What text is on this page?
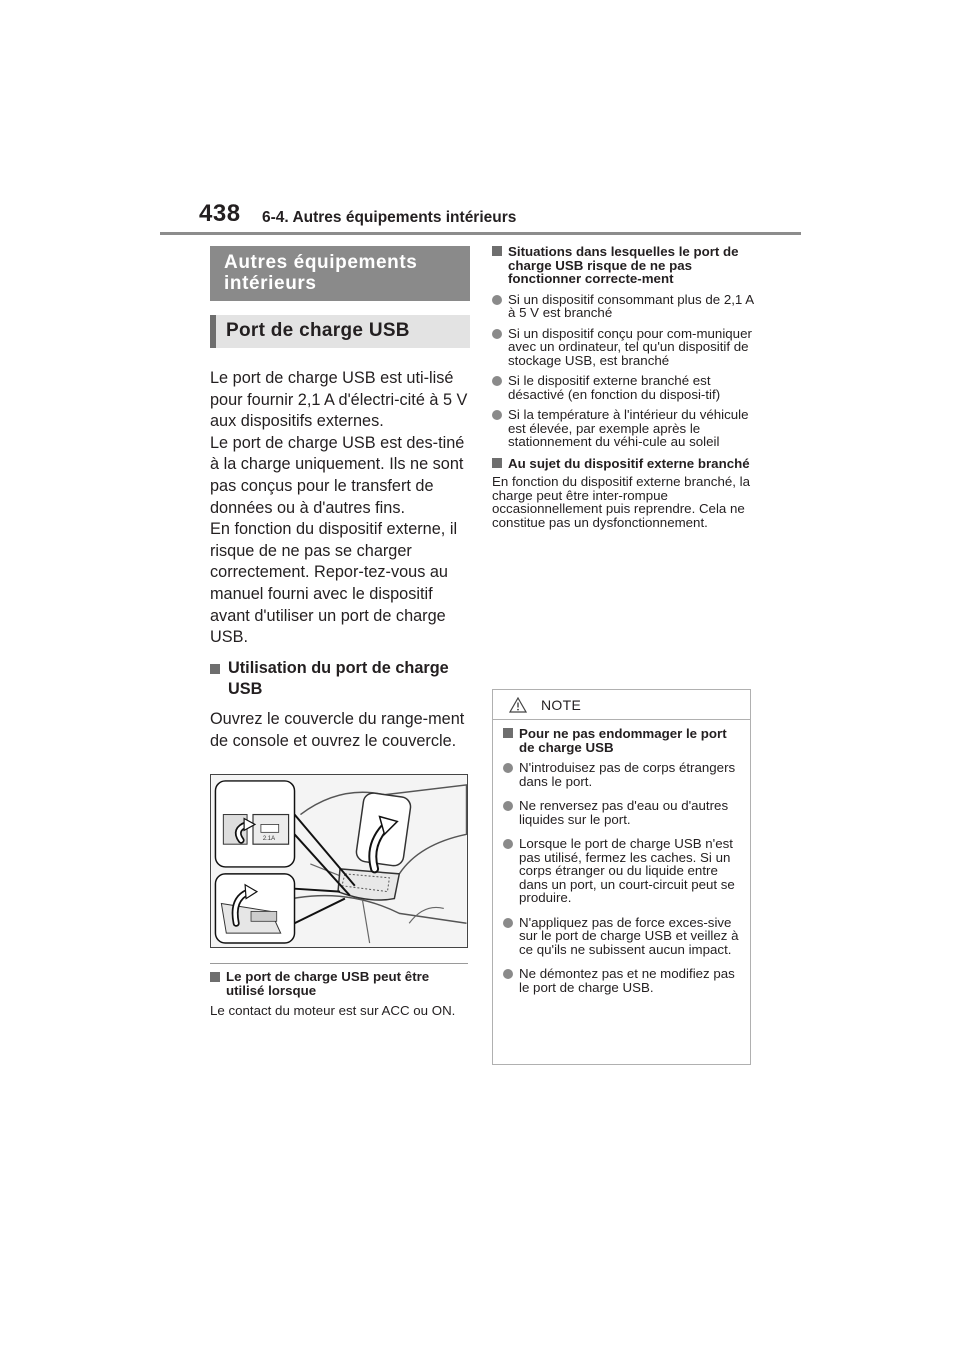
438 6-4. Autres équipements intérieurs
Autres équipements intérieurs
Port de charge USB

Le port de charge USB est uti-lisé pour fournir 2,1 A d'électri-cité à 5 V aux dispositifs externes.

Le port de charge USB est des-tiné à la charge uniquement. Ils ne sont pas conçus pour le transfert de données ou à d'autres fins.

En fonction du dispositif externe, il risque de ne pas se charger correctement. Repor-tez-vous au manuel fourni avec le dispositif avant d'utiliser un port de charge USB.

Utilisation du port de charge USB
Ouvrez le couvercle du range-ment de console et ouvrez le couvercle.
2.1A
Le port de charge USB peut être utilisé lorsque
Le contact du moteur est sur ACC ou ON.
Situations dans lesquelles le port de charge USB risque de ne pas fonctionner correcte-ment
Si un dispositif consommant plus de 2,1 A à 5 V est branché
Si un dispositif conçu pour com-muniquer avec un ordinateur, tel qu'un dispositif de stockage USB, est branché
Si le dispositif externe branché est désactivé (en fonction du disposi-tif)
Si la température à l'intérieur du véhicule est élevée, par exemple après le stationnement du véhi-cule au soleil
Au sujet du dispositif externe branché
En fonction du dispositif externe branché, la charge peut être inter-rompue occasionnellement puis reprendre. Cela ne constitue pas un dysfonctionnement.
NOTE
Pour ne pas endommager le port de charge USB
N'introduisez pas de corps étrangers dans le port.
Ne renversez pas d'eau ou d'autres liquides sur le port.
Lorsque le port de charge USB n'est pas utilisé, fermez les caches. Si un corps étranger ou du liquide entre dans un port, un court-circuit peut se produire.
N'appliquez pas de force exces-sive sur le port de charge USB et veillez à ce qu'ils ne subissent aucun impact.
Ne démontez pas et ne modifiez pas le port de charge USB.
